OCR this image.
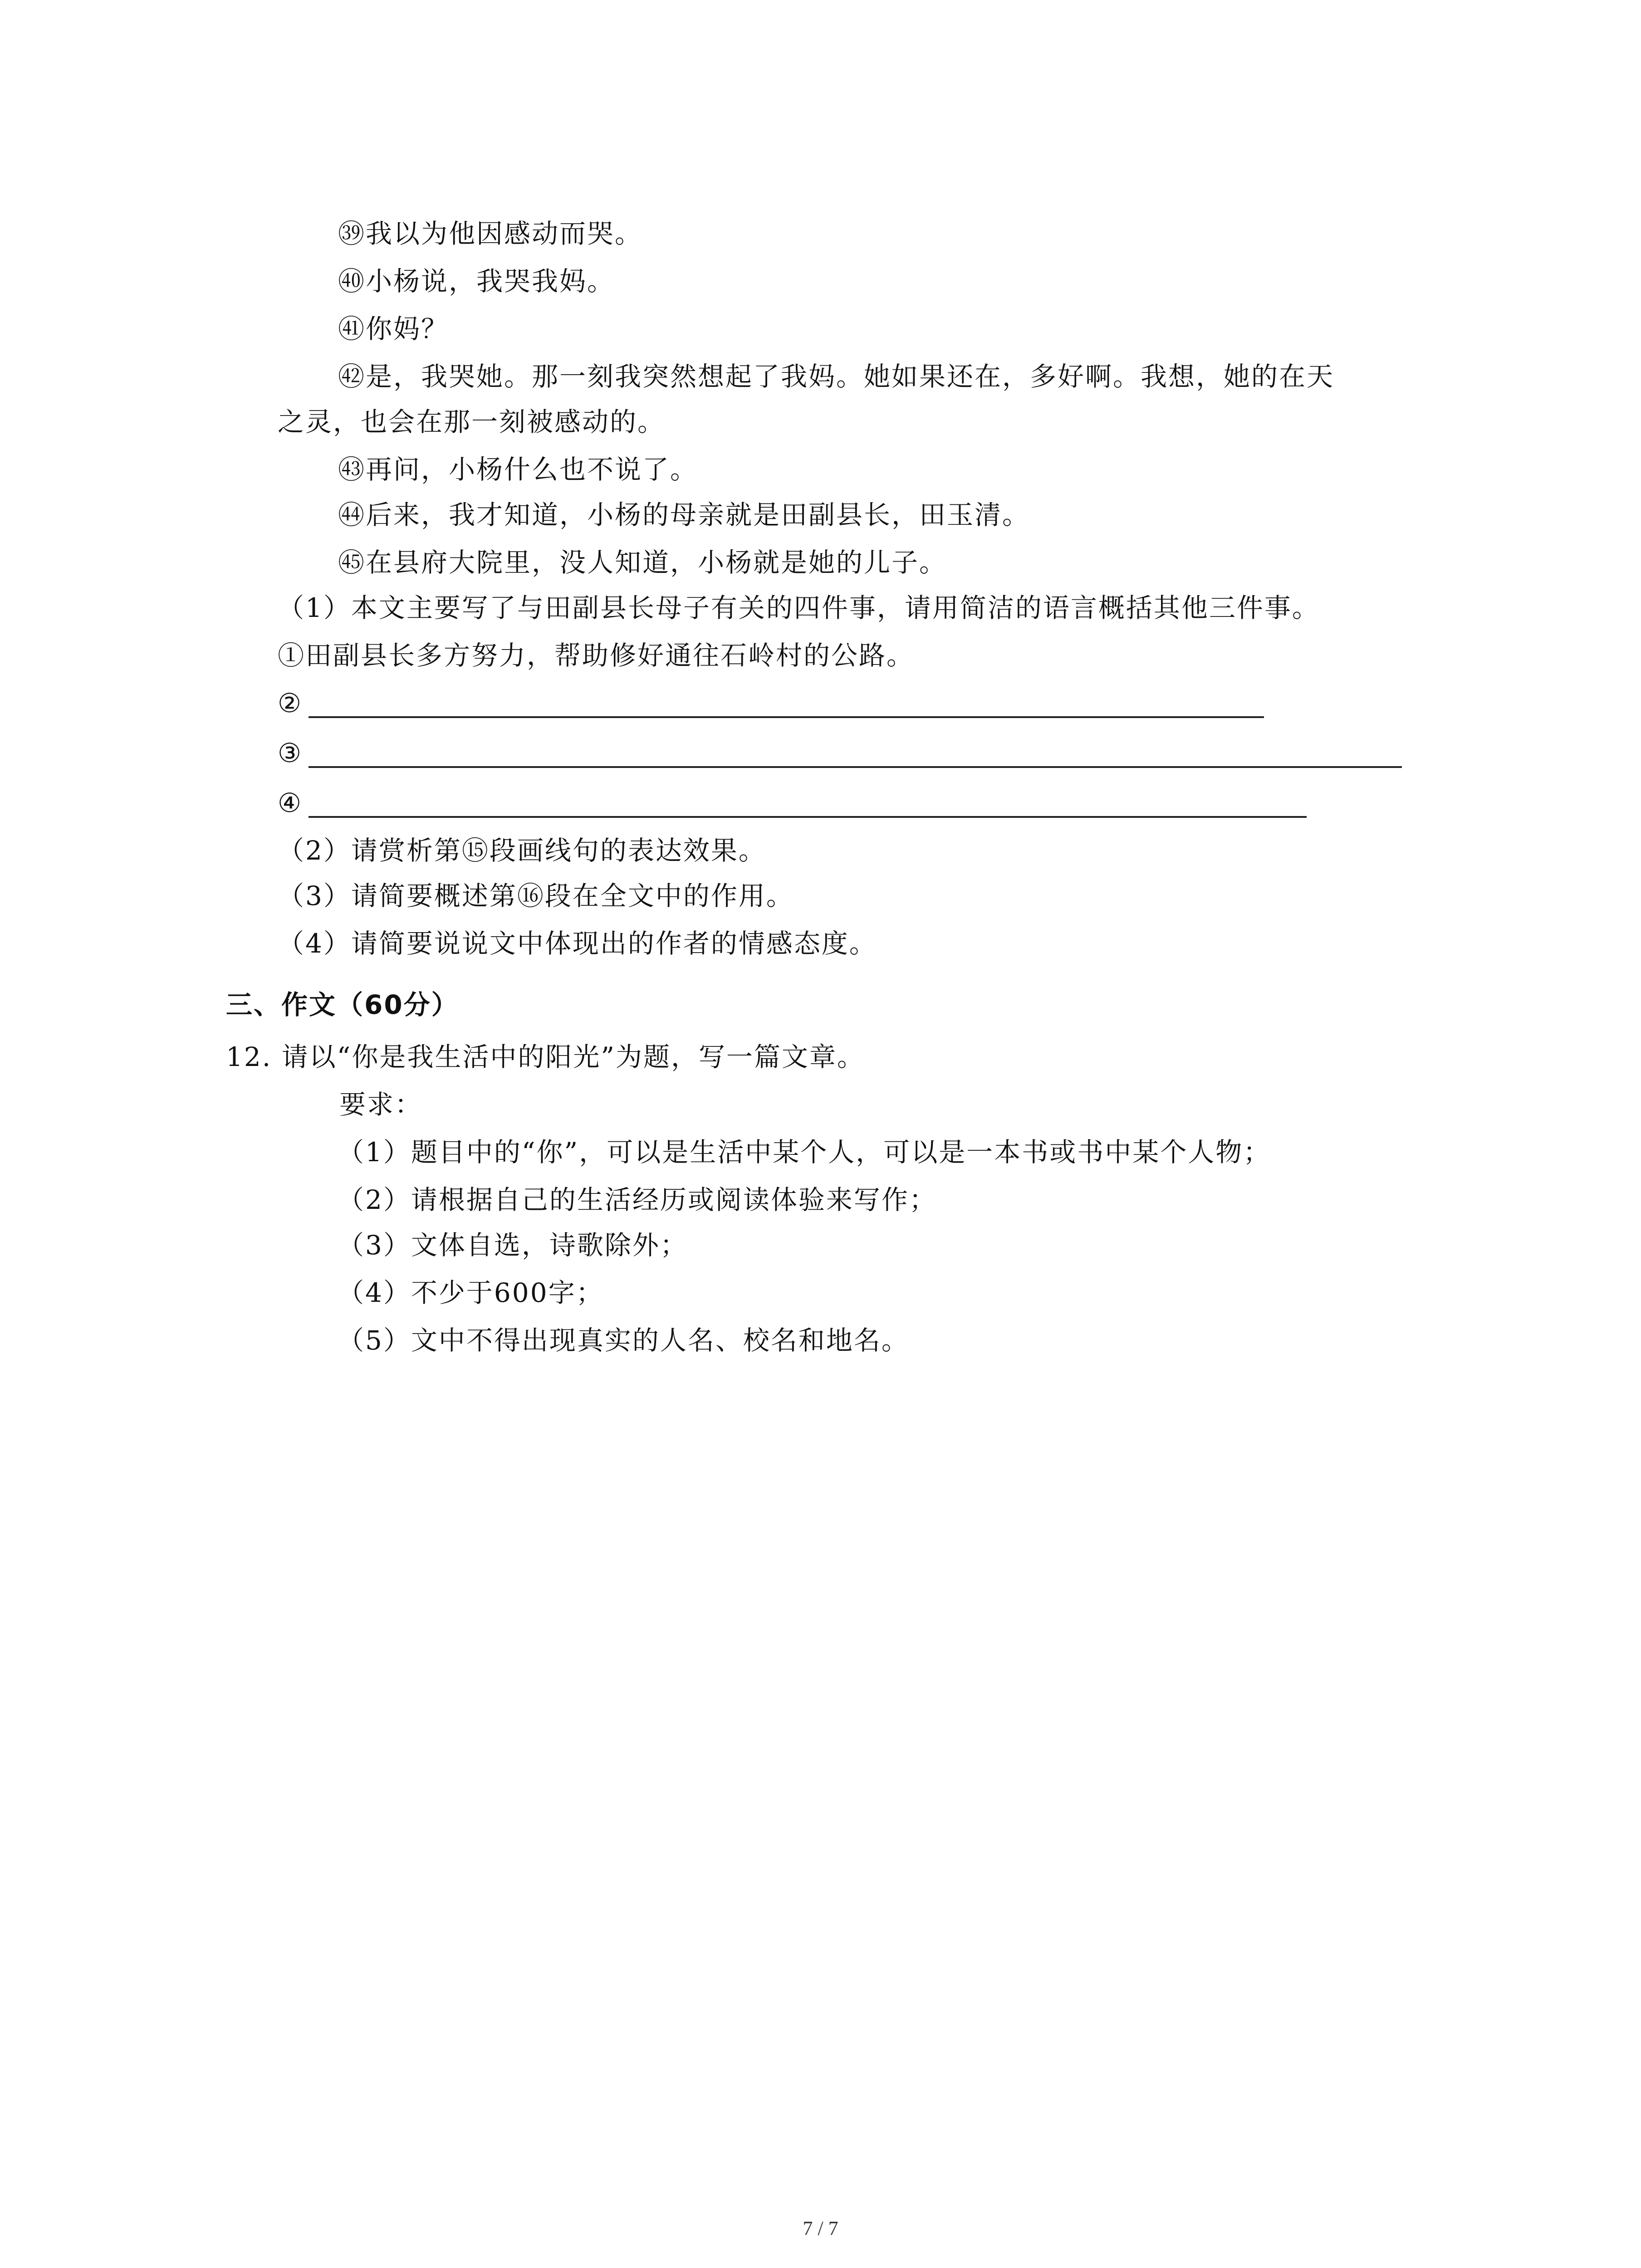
㊴我以为他因感动而哭。
㊵小杨说，我哭我妈。
㊶你妈？
㊷是，我哭她。那一刻我突然想起了我妈。她如果还在，多好啊。我想，她的在天
之灵，也会在那一刻被感动的。
㊸再问，小杨什么也不说了。
㊹后来，我才知道，小杨的母亲就是田副县长，田玉清。
㊺在县府大院里，没人知道，小杨就是她的儿子。
（1）本文主要写了与田副县长母子有关的四件事，请用简洁的语言概括其他三件事。
①田副县长多方努力，帮助修好通往石岭村的公路。
②
③
④
（2）请赏析第⑮段画线句的表达效果。
（3）请简要概述第⑯段在全文中的作用。
（4）请简要说说文中体现出的作者的情感态度。
三、作文（60分）
12. 请以“你是我生活中的阳光”为题，写一篇文章。
要求：
（1）题目中的“你”，可以是生活中某个人，可以是一本书或书中某个人物；
（2）请根据自己的生活经历或阅读体验来写作；
（3）文体自选，诗歌除外；
（4）不少于600字；
（5）文中不得出现真实的人名、校名和地名。
7 / 7
